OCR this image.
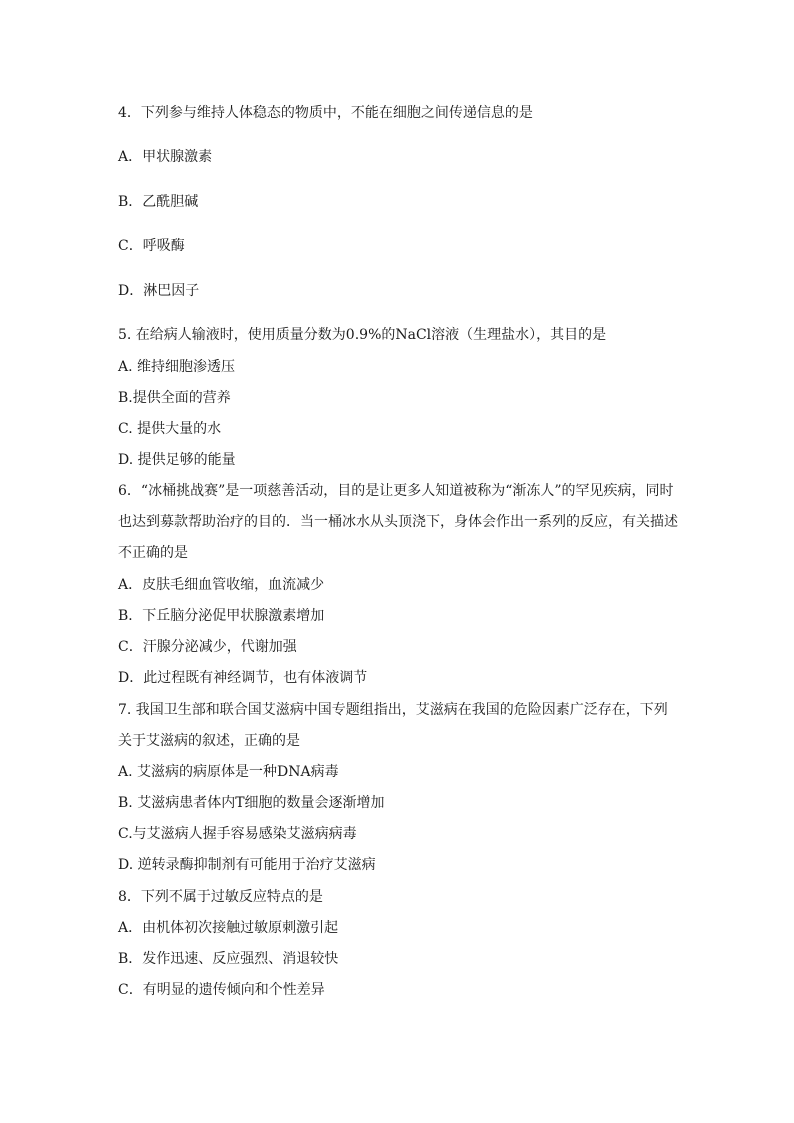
4．下列参与维持人体稳态的物质中，不能在细胞之间传递信息的是
A．甲状腺激素
B．乙酰胆碱
C．呼吸酶
D．淋巴因子
5. 在给病人输液时，使用质量分数为0.9%的NaCl溶液（生理盐水），其目的是
A. 维持细胞渗透压
B.提供全面的营养
C. 提供大量的水
D. 提供足够的能量
6．“冰桶挑战赛”是一项慈善活动，目的是让更多人知道被称为“渐冻人”的罕见疾病，同时
也达到募款帮助治疗的目的．当一桶冰水从头顶浇下，身体会作出一系列的反应，有关描述
不正确的是
A．皮肤毛细血管收缩，血流减少
B．下丘脑分泌促甲状腺激素增加
C．汗腺分泌减少，代谢加强
D．此过程既有神经调节，也有体液调节
7. 我国卫生部和联合国艾滋病中国专题组指出，艾滋病在我国的危险因素广泛存在，下列
关于艾滋病的叙述，正确的是
A. 艾滋病的病原体是一种DNA病毒
B. 艾滋病患者体内T细胞的数量会逐渐增加
C.与艾滋病人握手容易感染艾滋病病毒
D. 逆转录酶抑制剂有可能用于治疗艾滋病
8．下列不属于过敏反应特点的是
A．由机体初次接触过敏原刺激引起
B．发作迅速、反应强烈、消退较快
C．有明显的遗传倾向和个性差异
